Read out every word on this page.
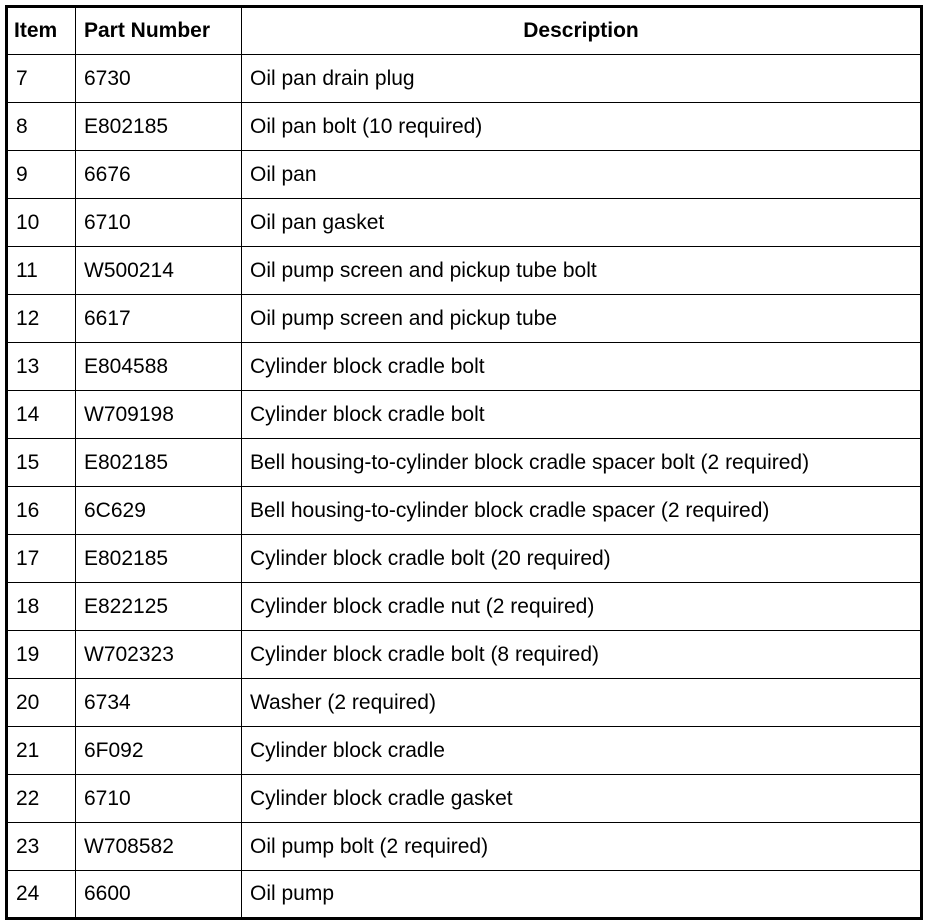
Item	Part Number	Description
7	6730	Oil pan drain plug
8	E802185	Oil pan bolt (10 required)
9	6676	Oil pan
10	6710	Oil pan gasket
11	W500214	Oil pump screen and pickup tube bolt
12	6617	Oil pump screen and pickup tube
13	E804588	Cylinder block cradle bolt
14	W709198	Cylinder block cradle bolt
15	E802185	Bell housing-to-cylinder block cradle spacer bolt (2 required)
16	6C629	Bell housing-to-cylinder block cradle spacer (2 required)
17	E802185	Cylinder block cradle bolt (20 required)
18	E822125	Cylinder block cradle nut (2 required)
19	W702323	Cylinder block cradle bolt (8 required)
20	6734	Washer (2 required)
21	6F092	Cylinder block cradle
22	6710	Cylinder block cradle gasket
23	W708582	Oil pump bolt (2 required)
24	6600	Oil pump
